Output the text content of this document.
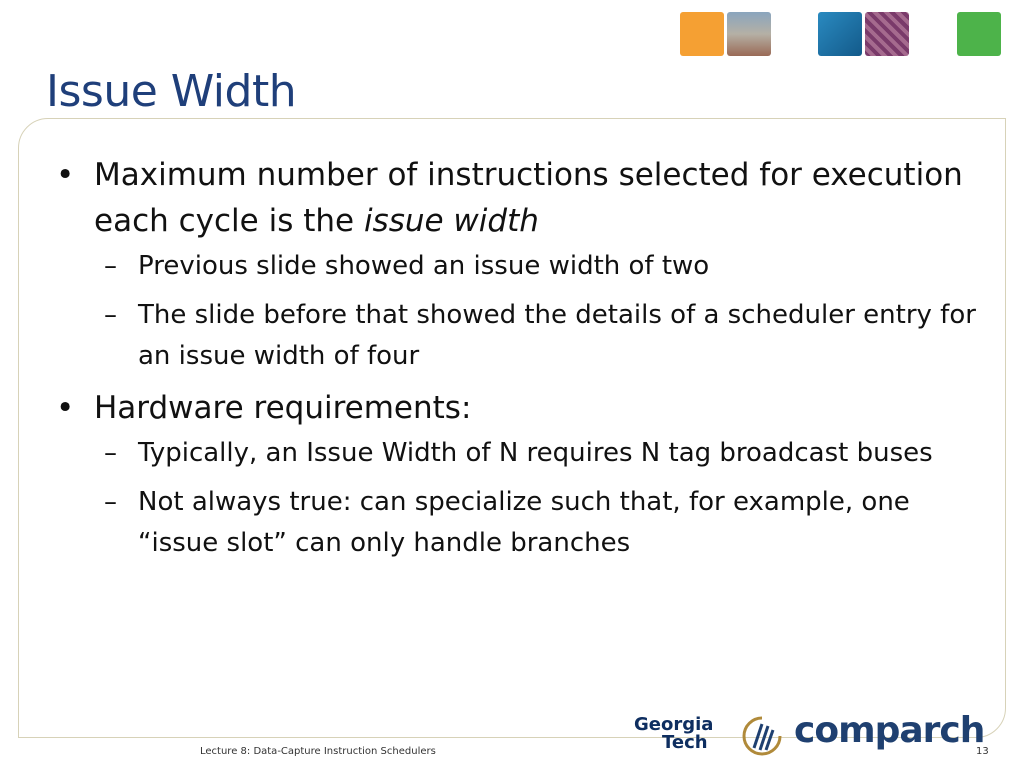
Issue Width
• Maximum number of instructions selected for execution each cycle is the issue width
– Previous slide showed an issue width of two
– The slide before that showed the details of a scheduler entry for an issue width of four
• Hardware requirements:
– Typically, an Issue Width of N requires N tag broadcast buses
– Not always true: can specialize such that, for example, one “issue slot” can only handle branches
Georgia
Tech	comparch
Lecture 8: Data-Capture Instruction Schedulers	13
